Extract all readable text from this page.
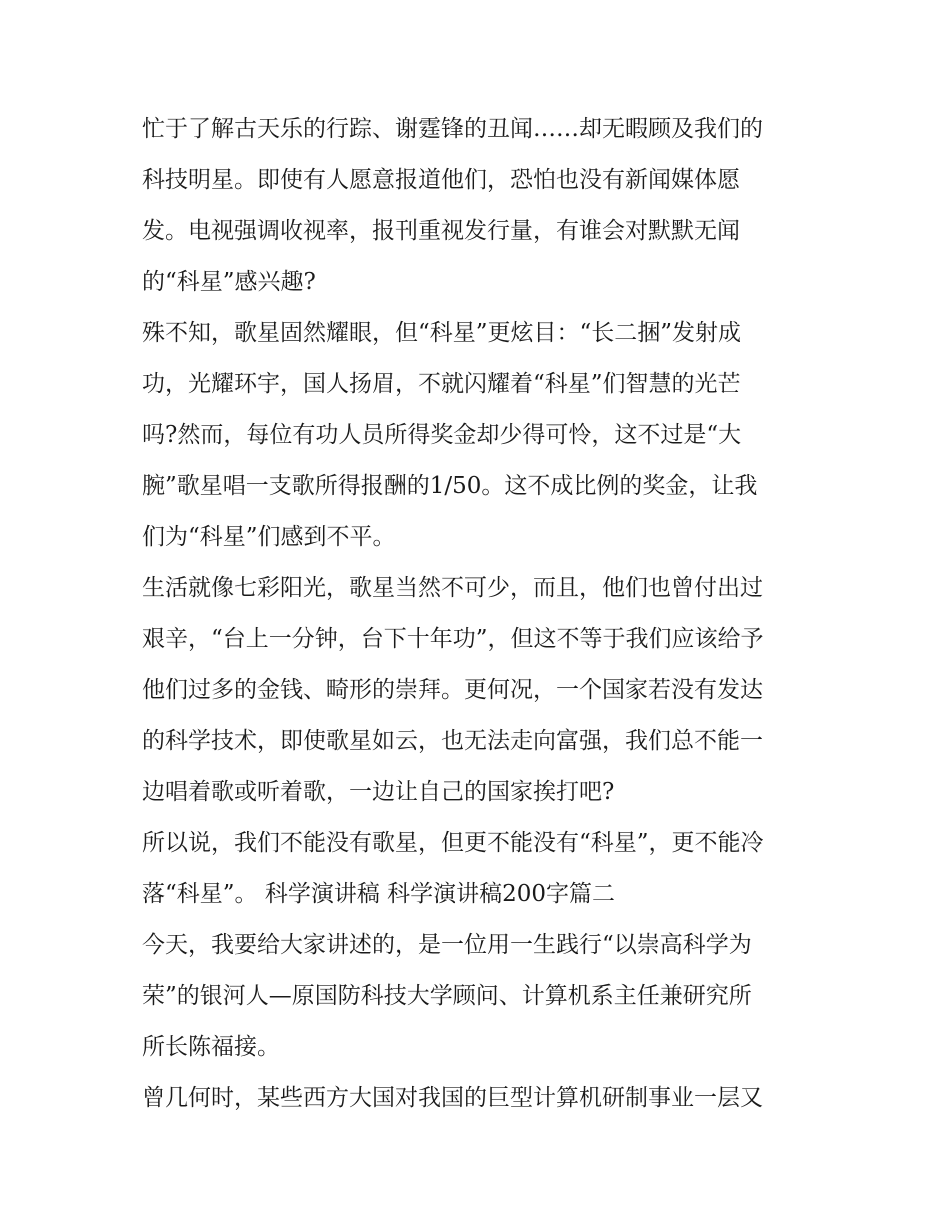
忙于了解古天乐的行踪、谢霆锋的丑闻……却无暇顾及我们的
科技明星。即使有人愿意报道他们，恐怕也没有新闻媒体愿
发。电视强调收视率，报刊重视发行量，有谁会对默默无闻
的“科星”感兴趣?
殊不知，歌星固然耀眼，但“科星”更炫目：“长二捆”发射成
功，光耀环宇，国人扬眉，不就闪耀着“科星”们智慧的光芒
吗?然而，每位有功人员所得奖金却少得可怜，这不过是“大
腕”歌星唱一支歌所得报酬的1/50。这不成比例的奖金，让我
们为“科星”们感到不平。
生活就像七彩阳光，歌星当然不可少，而且，他们也曾付出过
艰辛，“台上一分钟，台下十年功”，但这不等于我们应该给予
他们过多的金钱、畸形的崇拜。更何况，一个国家若没有发达
的科学技术，即使歌星如云，也无法走向富强，我们总不能一
边唱着歌或听着歌，一边让自己的国家挨打吧?
所以说，我们不能没有歌星，但更不能没有“科星”，更不能冷
落“科星”。 科学演讲稿 科学演讲稿200字篇二
今天，我要给大家讲述的，是一位用一生践行“以崇高科学为
荣”的银河人—原国防科技大学顾问、计算机系主任兼研究所
所长陈福接。
曾几何时，某些西方大国对我国的巨型计算机研制事业一层又
